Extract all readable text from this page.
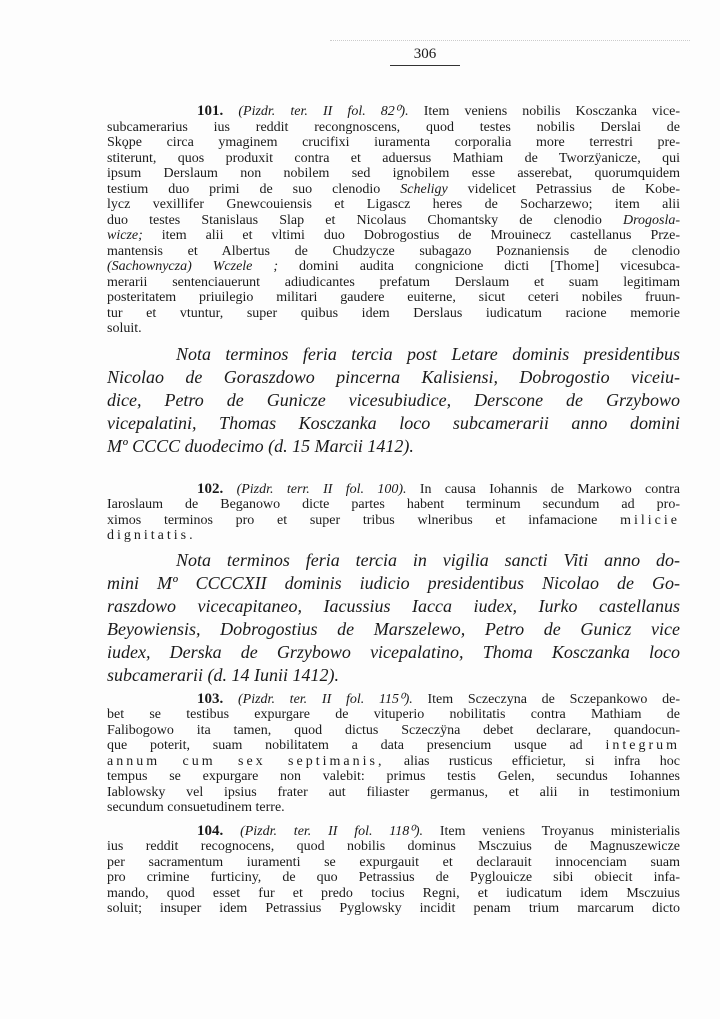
306
101. (Pizdr. ter. II fol. 82⁰). Item veniens nobilis Kosczanka vice-
subcamerarius ius reddit recongnoscens, quod testes nobilis Derslai de
Skǫpe circa ymaginem crucifixi iuramenta corporalia more terrestri pre-
stiterunt, quos produxit contra et aduersus Mathiam de Tworzÿanicze, qui
ipsum Derslaum non nobilem sed ignobilem esse asserebat, quorumquidem
testium duo primi de suo clenodio Scheligy videlicet Petrassius de Kobe-
lycz vexillifer Gnewcouiensis et Ligascz heres de Socharzewo; item alii
duo testes Stanislaus Slap et Nicolaus Chomantsky de clenodio Drogosla-
wicze; item alii et vltimi duo Dobrogostius de Mrouinecz castellanus Prze-
mantensis et Albertus de Chudzycze subagazo Poznaniensis de clenodio
(Sachownycza) Wczele ; domini audita congnicione dicti [Thome] vicesubca-
merarii sentenciauerunt adiudicantes prefatum Derslaum et suam legitimam
posteritatem priuilegio militari gaudere euiterne, sicut ceteri nobiles fruun-
tur et vtuntur, super quibus idem Derslaus iudicatum racione memorie
soluit.
Nota terminos feria tercia post Letare dominis presidentibus
Nicolao de Goraszdowo pincerna Kalisiensi, Dobrogostio viceiu-
dice, Petro de Gunicze vicesubiudice, Derscone de Grzybowo
vicepalatini, Thomas Kosczanka loco subcamerarii anno domini
Mº CCCC duodecimo (d. 15 Marcii 1412).
102. (Pizdr. terr. II fol. 100). In causa Iohannis de Markowo contra
Iaroslaum de Beganowo dicte partes habent terminum secundum ad pro-
ximos terminos pro et super tribus wlneribus et infamacione milicie
dignitatis.
Nota terminos feria tercia in vigilia sancti Viti anno do-
mini Mº CCCCXII dominis iudicio presidentibus Nicolao de Go-
raszdowo vicecapitaneo, Iacussius Iacca iudex, Iurko castellanus
Beyowiensis, Dobrogostius de Marszelewo, Petro de Gunicz vice
iudex, Derska de Grzybowo vicepalatino, Thoma Kosczanka loco
subcamerarii (d. 14 Iunii 1412).
103. (Pizdr. ter. II fol. 115⁰). Item Sczeczyna de Sczepankowo de-
bet se testibus expurgare de vituperio nobilitatis contra Mathiam de
Falibogowo ita tamen, quod dictus Sczeczÿna debet declarare, quandocun-
que poterit, suam nobilitatem a data presencium usque ad integrum
annum cum sex septimanis, alias rusticus efficietur, si infra hoc
tempus se expurgare non valebit: primus testis Gelen, secundus Iohannes
Iablowsky vel ipsius frater aut filiaster germanus, et alii in testimonium
secundum consuetudinem terre.
104. (Pizdr. ter. II fol. 118⁰). Item veniens Troyanus ministerialis
ius reddit recognocens, quod nobilis dominus Msczuius de Magnuszewicze
per sacramentum iuramenti se expurgauit et declarauit innocenciam suam
pro crimine furticiny, de quo Petrassius de Pyglouicze sibi obiecit infa-
mando, quod esset fur et predo tocius Regni, et iudicatum idem Msczuius
soluit; insuper idem Petrassius Pyglowsky incidit penam trium marcarum dicto
